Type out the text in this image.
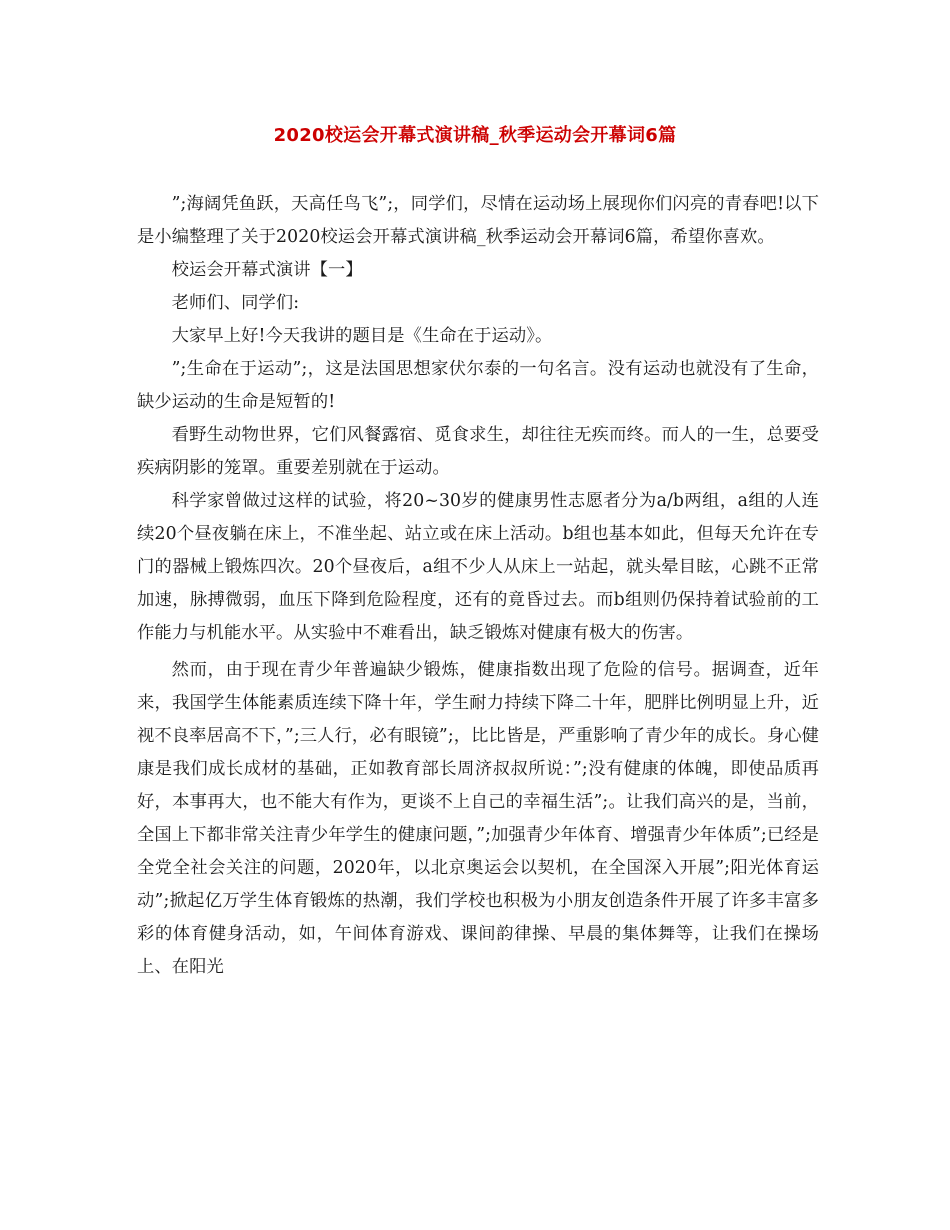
2020校运会开幕式演讲稿_秋季运动会开幕词6篇

”;海阔凭鱼跃，天高任鸟飞”;，同学们，尽情在运动场上展现你们闪亮的青春吧!以下是小编整理了关于2020校运会开幕式演讲稿_秋季运动会开幕词6篇，希望你喜欢。

校运会开幕式演讲【一】

老师们、同学们:

大家早上好!今天我讲的题目是《生命在于运动》。

”;生命在于运动”;，这是法国思想家伏尔泰的一句名言。没有运动也就没有了生命，缺少运动的生命是短暂的!

看野生动物世界，它们风餐露宿、觅食求生，却往往无疾而终。而人的一生，总要受疾病阴影的笼罩。重要差别就在于运动。

科学家曾做过这样的试验，将20~30岁的健康男性志愿者分为a/b两组，a组的人连续20个昼夜躺在床上，不准坐起、站立或在床上活动。b组也基本如此，但每天允许在专门的器械上锻炼四次。20个昼夜后，a组不少人从床上一站起，就头晕目眩，心跳不正常加速，脉搏微弱，血压下降到危险程度，还有的竟昏过去。而b组则仍保持着试验前的工作能力与机能水平。从实验中不难看出，缺乏锻炼对健康有极大的伤害。

然而，由于现在青少年普遍缺少锻炼，健康指数出现了危险的信号。据调查，近年来，我国学生体能素质连续下降十年，学生耐力持续下降二十年，肥胖比例明显上升，近视不良率居高不下，”;三人行，必有眼镜”;，比比皆是，严重影响了青少年的成长。身心健康是我们成长成材的基础，正如教育部长周济叔叔所说：”;没有健康的体魄，即使品质再好，本事再大，也不能大有作为，更谈不上自己的幸福生活”;。让我们高兴的是，当前，全国上下都非常关注青少年学生的健康问题，”;加强青少年体育、增强青少年体质”;已经是全党全社会关注的问题，2020年，以北京奥运会以契机，在全国深入开展”;阳光体育运动”;掀起亿万学生体育锻炼的热潮，我们学校也积极为小朋友创造条件开展了许多丰富多彩的体育健身活动，如，午间体育游戏、课间韵律操、早晨的集体舞等，让我们在操场上、在阳光
